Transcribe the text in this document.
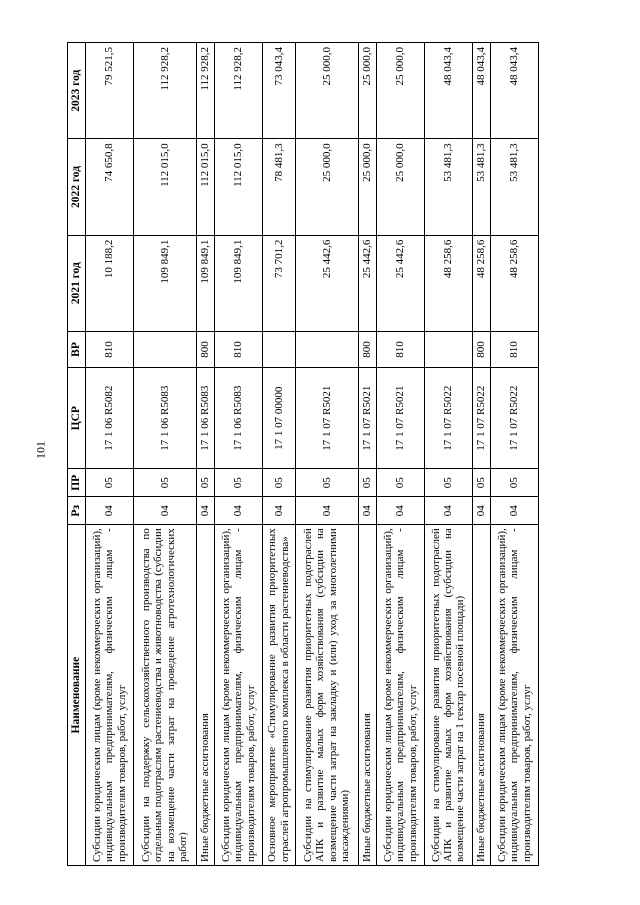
101
Наименование	Рз	ПР	ЦСР	ВР	2021 год	2022 год	2023 год
Субсидии юридическим лицам (кроме некоммерческих организаций), индивидуальным предпринимателям, физическим лицам - производителям товаров, работ, услуг	04	05	17 1 06 R5082	810	10 188,2	74 650,8	79 521,5
Субсидии на поддержку сельскохозяйственного производства по отдельным подотраслям растениеводства и животноводства (субсидии на возмещение части затрат на проведение агротехнологических работ)	04	05	17 1 06 R5083		109 849,1	112 015,0	112 928,2
Иные бюджетные ассигнования	04	05	17 1 06 R5083	800	109 849,1	112 015,0	112 928,2
Субсидии юридическим лицам (кроме некоммерческих организаций), индивидуальным предпринимателям, физическим лицам - производителям товаров, работ, услуг	04	05	17 1 06 R5083	810	109 849,1	112 015,0	112 928,2
Основное мероприятие «Стимулирование развития приоритетных отраслей агропромышленного комплекса в области растениеводства»	04	05	17 1 07 00000		73 701,2	78 481,3	73 043,4
Субсидии на стимулирование развития приоритетных подотраслей АПК и развитие малых форм хозяйствования (субсидии на возмещение части затрат на закладку и (или) уход за многолетними насаждениями)	04	05	17 1 07 R5021		25 442,6	25 000,0	25 000,0
Иные бюджетные ассигнования	04	05	17 1 07 R5021	800	25 442,6	25 000,0	25 000,0
Субсидии юридическим лицам (кроме некоммерческих организаций), индивидуальным предпринимателям, физическим лицам - производителям товаров, работ, услуг	04	05	17 1 07 R5021	810	25 442,6	25 000,0	25 000,0
Субсидии на стимулирование развития приоритетных подотраслей АПК и развитие малых форм хозяйствования (субсидии на возмещение части затрат на 1 гектар посевной площади)	04	05	17 1 07 R5022		48 258,6	53 481,3	48 043,4
Иные бюджетные ассигнования	04	05	17 1 07 R5022	800	48 258,6	53 481,3	48 043,4
Субсидии юридическим лицам (кроме некоммерческих организаций), индивидуальным предпринимателям, физическим лицам - производителям товаров, работ, услуг	04	05	17 1 07 R5022	810	48 258,6	53 481,3	48 043,4
